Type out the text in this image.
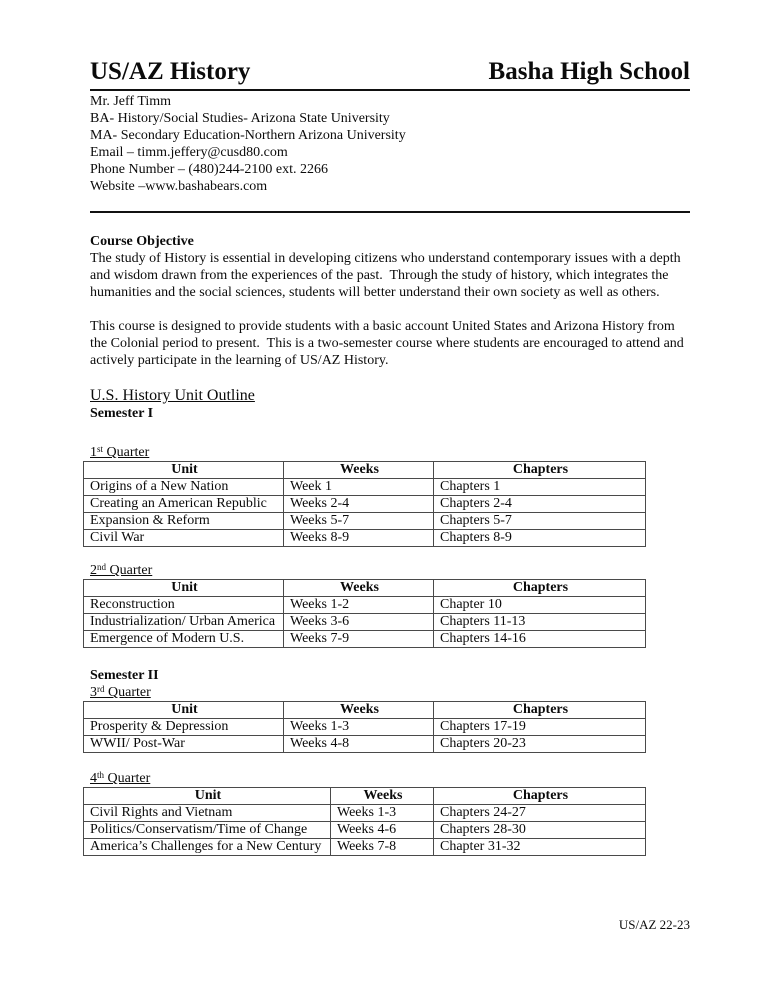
US/AZ History	Basha High School
Mr. Jeff Timm
BA- History/Social Studies- Arizona State University
MA- Secondary Education-Northern Arizona University
Email – timm.jeffery@cusd80.com
Phone Number – (480)244-2100 ext. 2266
Website –www.bashabears.com
Course Objective
The study of History is essential in developing citizens who understand contemporary issues with a depth and wisdom drawn from the experiences of the past.  Through the study of history, which integrates the humanities and the social sciences, students will better understand their own society as well as others.
This course is designed to provide students with a basic account United States and Arizona History from the Colonial period to present.  This is a two-semester course where students are encouraged to attend and actively participate in the learning of US/AZ History.
U.S. History Unit Outline
Semester I
1st Quarter
Unit	Weeks	Chapters
Origins of a New Nation	Week 1	Chapters 1
Creating an American Republic	Weeks 2-4	Chapters 2-4
Expansion & Reform	Weeks 5-7	Chapters 5-7
Civil War	Weeks 8-9	Chapters 8-9
2nd Quarter
Unit	Weeks	Chapters
Reconstruction	Weeks 1-2	Chapter 10
Industrialization/ Urban America	Weeks 3-6	Chapters 11-13
Emergence of Modern U.S.	Weeks 7-9	Chapters 14-16
Semester II
3rd Quarter
Unit	Weeks	Chapters
Prosperity & Depression	Weeks 1-3	Chapters 17-19
WWII/ Post-War	Weeks 4-8	Chapters 20-23
4th Quarter
Unit	Weeks	Chapters
Civil Rights and Vietnam	Weeks 1-3	Chapters 24-27
Politics/Conservatism/Time of Change	Weeks 4-6	Chapters 28-30
America’s Challenges for a New Century	Weeks 7-8	Chapter 31-32
US/AZ 22-23
